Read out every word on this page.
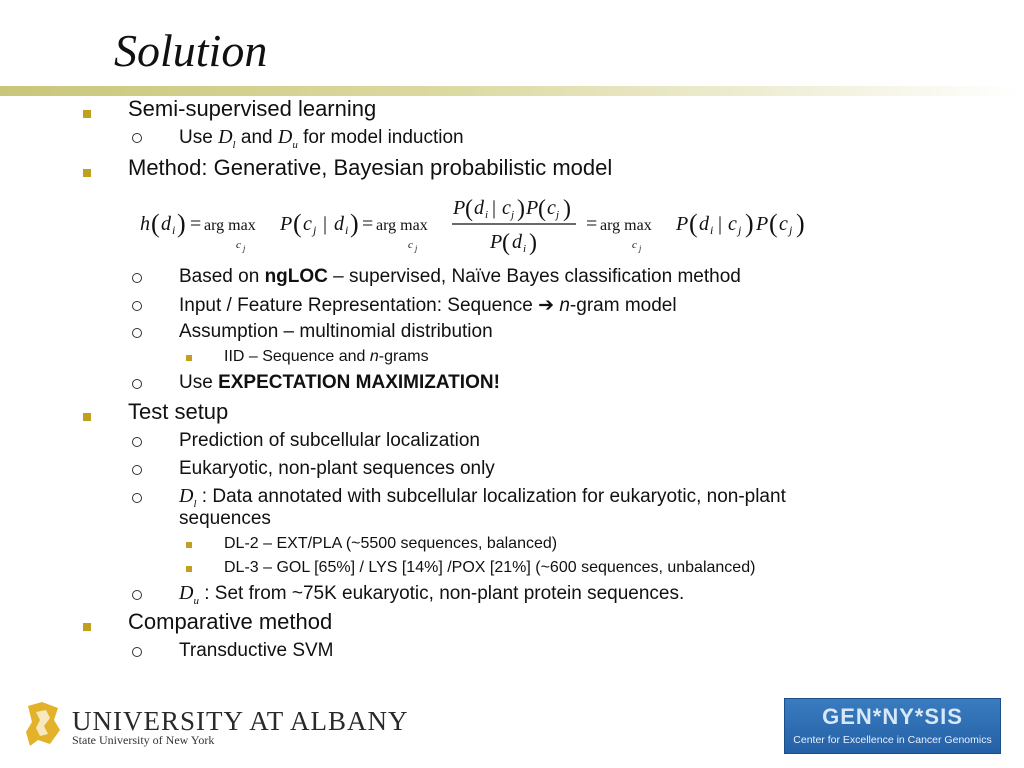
Solution
Semi-supervised learning
Use $D_l$ and $D_u$ for model induction
Method: Generative, Bayesian probabilistic model
Based on ngLOC – supervised, Naïve Bayes classification method
Input / Feature Representation: Sequence ➔ n-gram model
Assumption – multinomial distribution
IID – Sequence and n-grams
Use EXPECTATION MAXIMIZATION!
Test setup
Prediction of subcellular localization
Eukaryotic, non-plant sequences only
$D_l$ : Data annotated with subcellular localization for eukaryotic, non-plant
sequences
DL-2 – EXT/PLA (~5500 sequences, balanced)
DL-3 – GOL [65%] / LYS [14%] /POX [21%] (~600 sequences, unbalanced)
$D_u$ : Set from ~75K eukaryotic, non-plant protein sequences.
Comparative method
Transductive SVM
h ( d i ) = arg max
c j
P ( c j | d i ) = arg max
c j
P ( d i | c j ) P ( c j )
P ( d i )
= arg max
c j
P ( d i | c j ) P ( c j )
UNIVERSITY AT ALBANY
State University of New York
GEN*NY*SIS
Center for Excellence in Cancer Genomics
